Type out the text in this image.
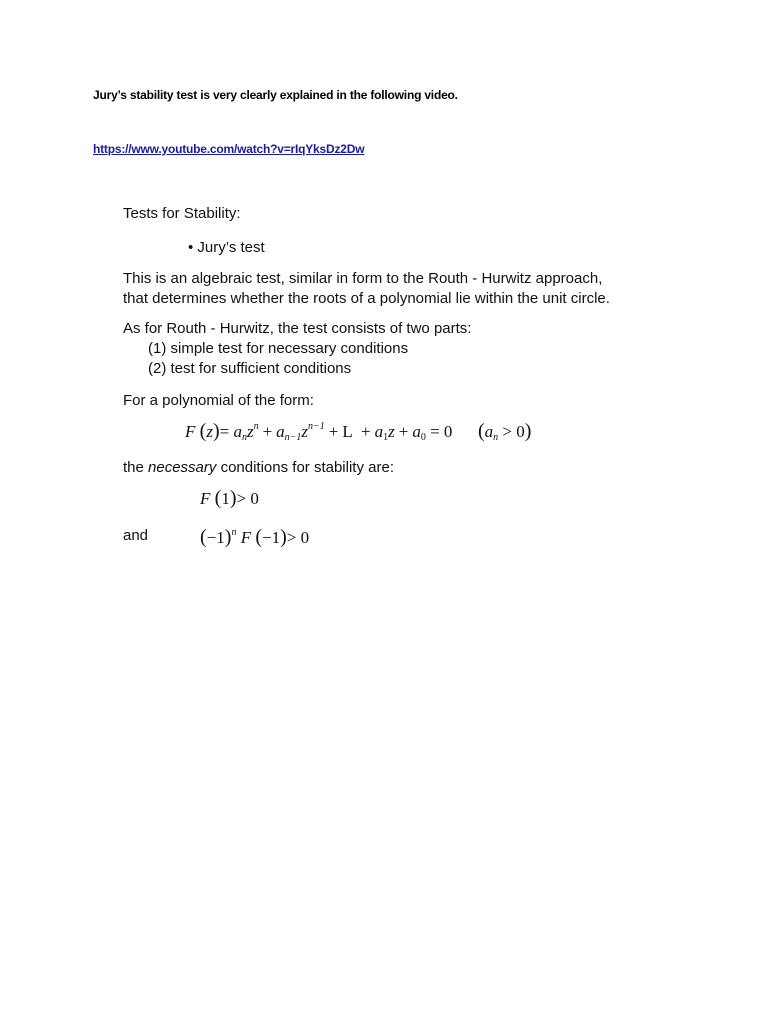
Jury’s stability test is very clearly explained in the following video.
https://www.youtube.com/watch?v=rIqYksDz2Dw
Tests for Stability:
• Jury’s test

This is an algebraic test, similar in form to the Routh - Hurwitz approach,
that determines whether the roots of a polynomial lie within the unit circle.

As for Routh - Hurwitz, the test consists of two parts:

(1) simple test for necessary conditions
(2) test for sufficient conditions
For a polynomial of the form:
F $(z)= a_nz^n + a_{n-1}z^{n-1} + L + a_1z + a_0 = 0$      $(a_n > 0)$
the necessary conditions for stability are:
F (1)> 0
and	$(-1)^n$ F (−1)> 0
